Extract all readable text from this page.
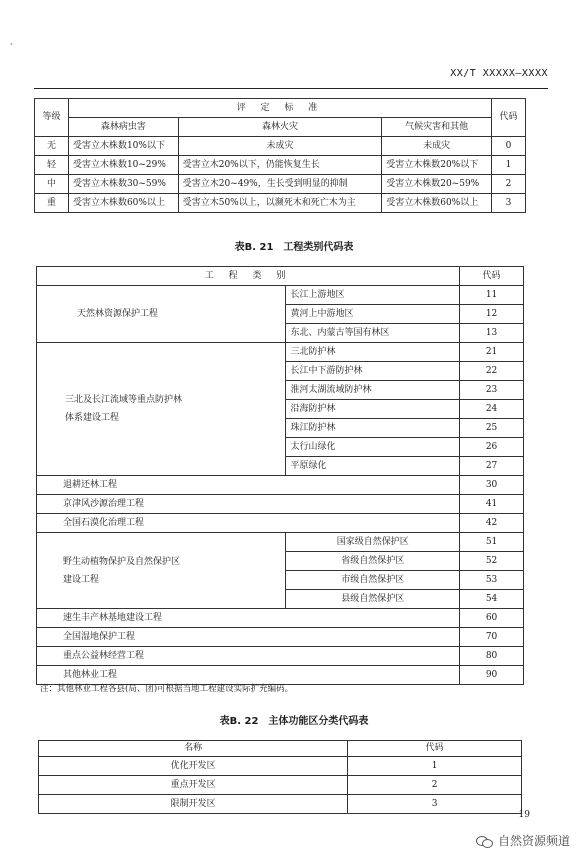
、
XX/T XXXXX—XXXX
等级	评 定 标 准			代码
	森林病虫害	森林火灾	气候灾害和其他	
无	受害立木株数10%以下	未成灾	未成灾	0
轻	受害立木株数10~29%	受害立木20%以下，仍能恢复生长	受害立木株数20%以下	1
中	受害立木株数30~59%	受害立木20~49%，生长受到明显的抑制	受害立木株数20~59%	2
重	受害立木株数60%以上	受害立木50%以上，以濒死木和死亡木为主	受害立木株数60%以上	3
表B. 21　工程类别代码表
工 程 类 别		代码
天然林资源保护工程	长江上游地区	11
	黄河上中游地区	12
	东北、内蒙古等国有林区	13

三北及长江流域等重点防护林
体系建设工程	三北防护林	21
	长江中下游防护林	22
	淮河太湖流域防护林	23
	沿海防护林	24
	珠江防护林	25
	太行山绿化	26
	平原绿化	27
退耕还林工程		30
京津风沙源治理工程		41
全国石漠化治理工程		42

野生动植物保护及自然保护区
建设工程	国家级自然保护区	51
	省级自然保护区	52
	市级自然保护区	53
	县级自然保护区	54
速生丰产林基地建设工程		60
全国湿地保护工程		70
重点公益林经营工程		80
其他林业工程		90
注：其他林业工程各县(局、团)可根据当地工程建设实际扩充编码。
表B. 22　主体功能区分类代码表
名称	代码
优化开发区	1
重点开发区	2
限制开发区	3
19
自然资源频道
